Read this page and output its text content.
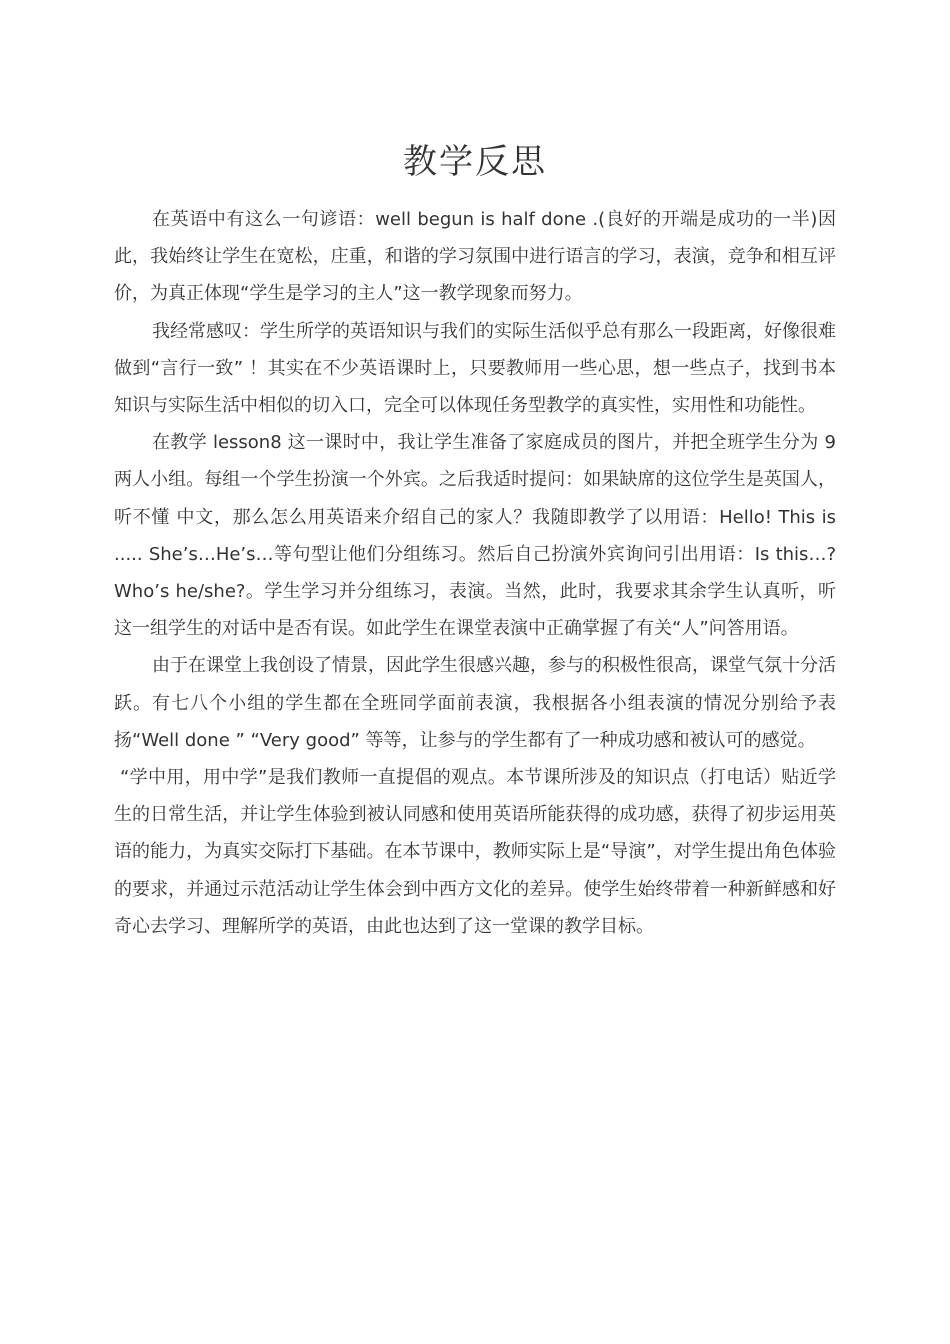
教学反思

在英语中有这么一句谚语：well begun is half done .(良好的开端是成功的一半)因此，我始终让学生在宽松，庄重，和谐的学习氛围中进行语言的学习，表演，竞争和相互评价，为真正体现“学生是学习的主人”这一教学现象而努力。

我经常感叹：学生所学的英语知识与我们的实际生活似乎总有那么一段距离，好像很难做到“言行一致” ！其实在不少英语课时上，只要教师用一些心思，想一些点子，找到书本知识与实际生活中相似的切入口，完全可以体现任务型教学的真实性，实用性和功能性。

在教学 lesson8 这一课时中，我让学生准备了家庭成员的图片，并把全班学生分为 9 两人小组。每组一个学生扮演一个外宾。之后我适时提问：如果缺席的这位学生是英国人，听不懂 中文，那么怎么用英语来介绍自己的家人？我随即教学了以用语：Hello! This is ..... She’s…He’s…等句型让他们分组练习。然后自己扮演外宾询问引出用语：Is this…? Who’s he/she?。学生学习并分组练习，表演。当然，此时，我要求其余学生认真听，听这一组学生的对话中是否有误。如此学生在课堂表演中正确掌握了有关“人”问答用语。

由于在课堂上我创设了情景，因此学生很感兴趣，参与的积极性很高，课堂气氛十分活跃。有七八个小组的学生都在全班同学面前表演，我根据各小组表演的情况分别给予表扬“Well done ” “Very good” 等等，让参与的学生都有了一种成功感和被认可的感觉。

“学中用，用中学”是我们教师一直提倡的观点。本节课所涉及的知识点（打电话）贴近学生的日常生活，并让学生体验到被认同感和使用英语所能获得的成功感，获得了初步运用英语的能力，为真实交际打下基础。在本节课中，教师实际上是“导演”，对学生提出角色体验的要求，并通过示范活动让学生体会到中西方文化的差异。使学生始终带着一种新鲜感和好奇心去学习、理解所学的英语，由此也达到了这一堂课的教学目标。
